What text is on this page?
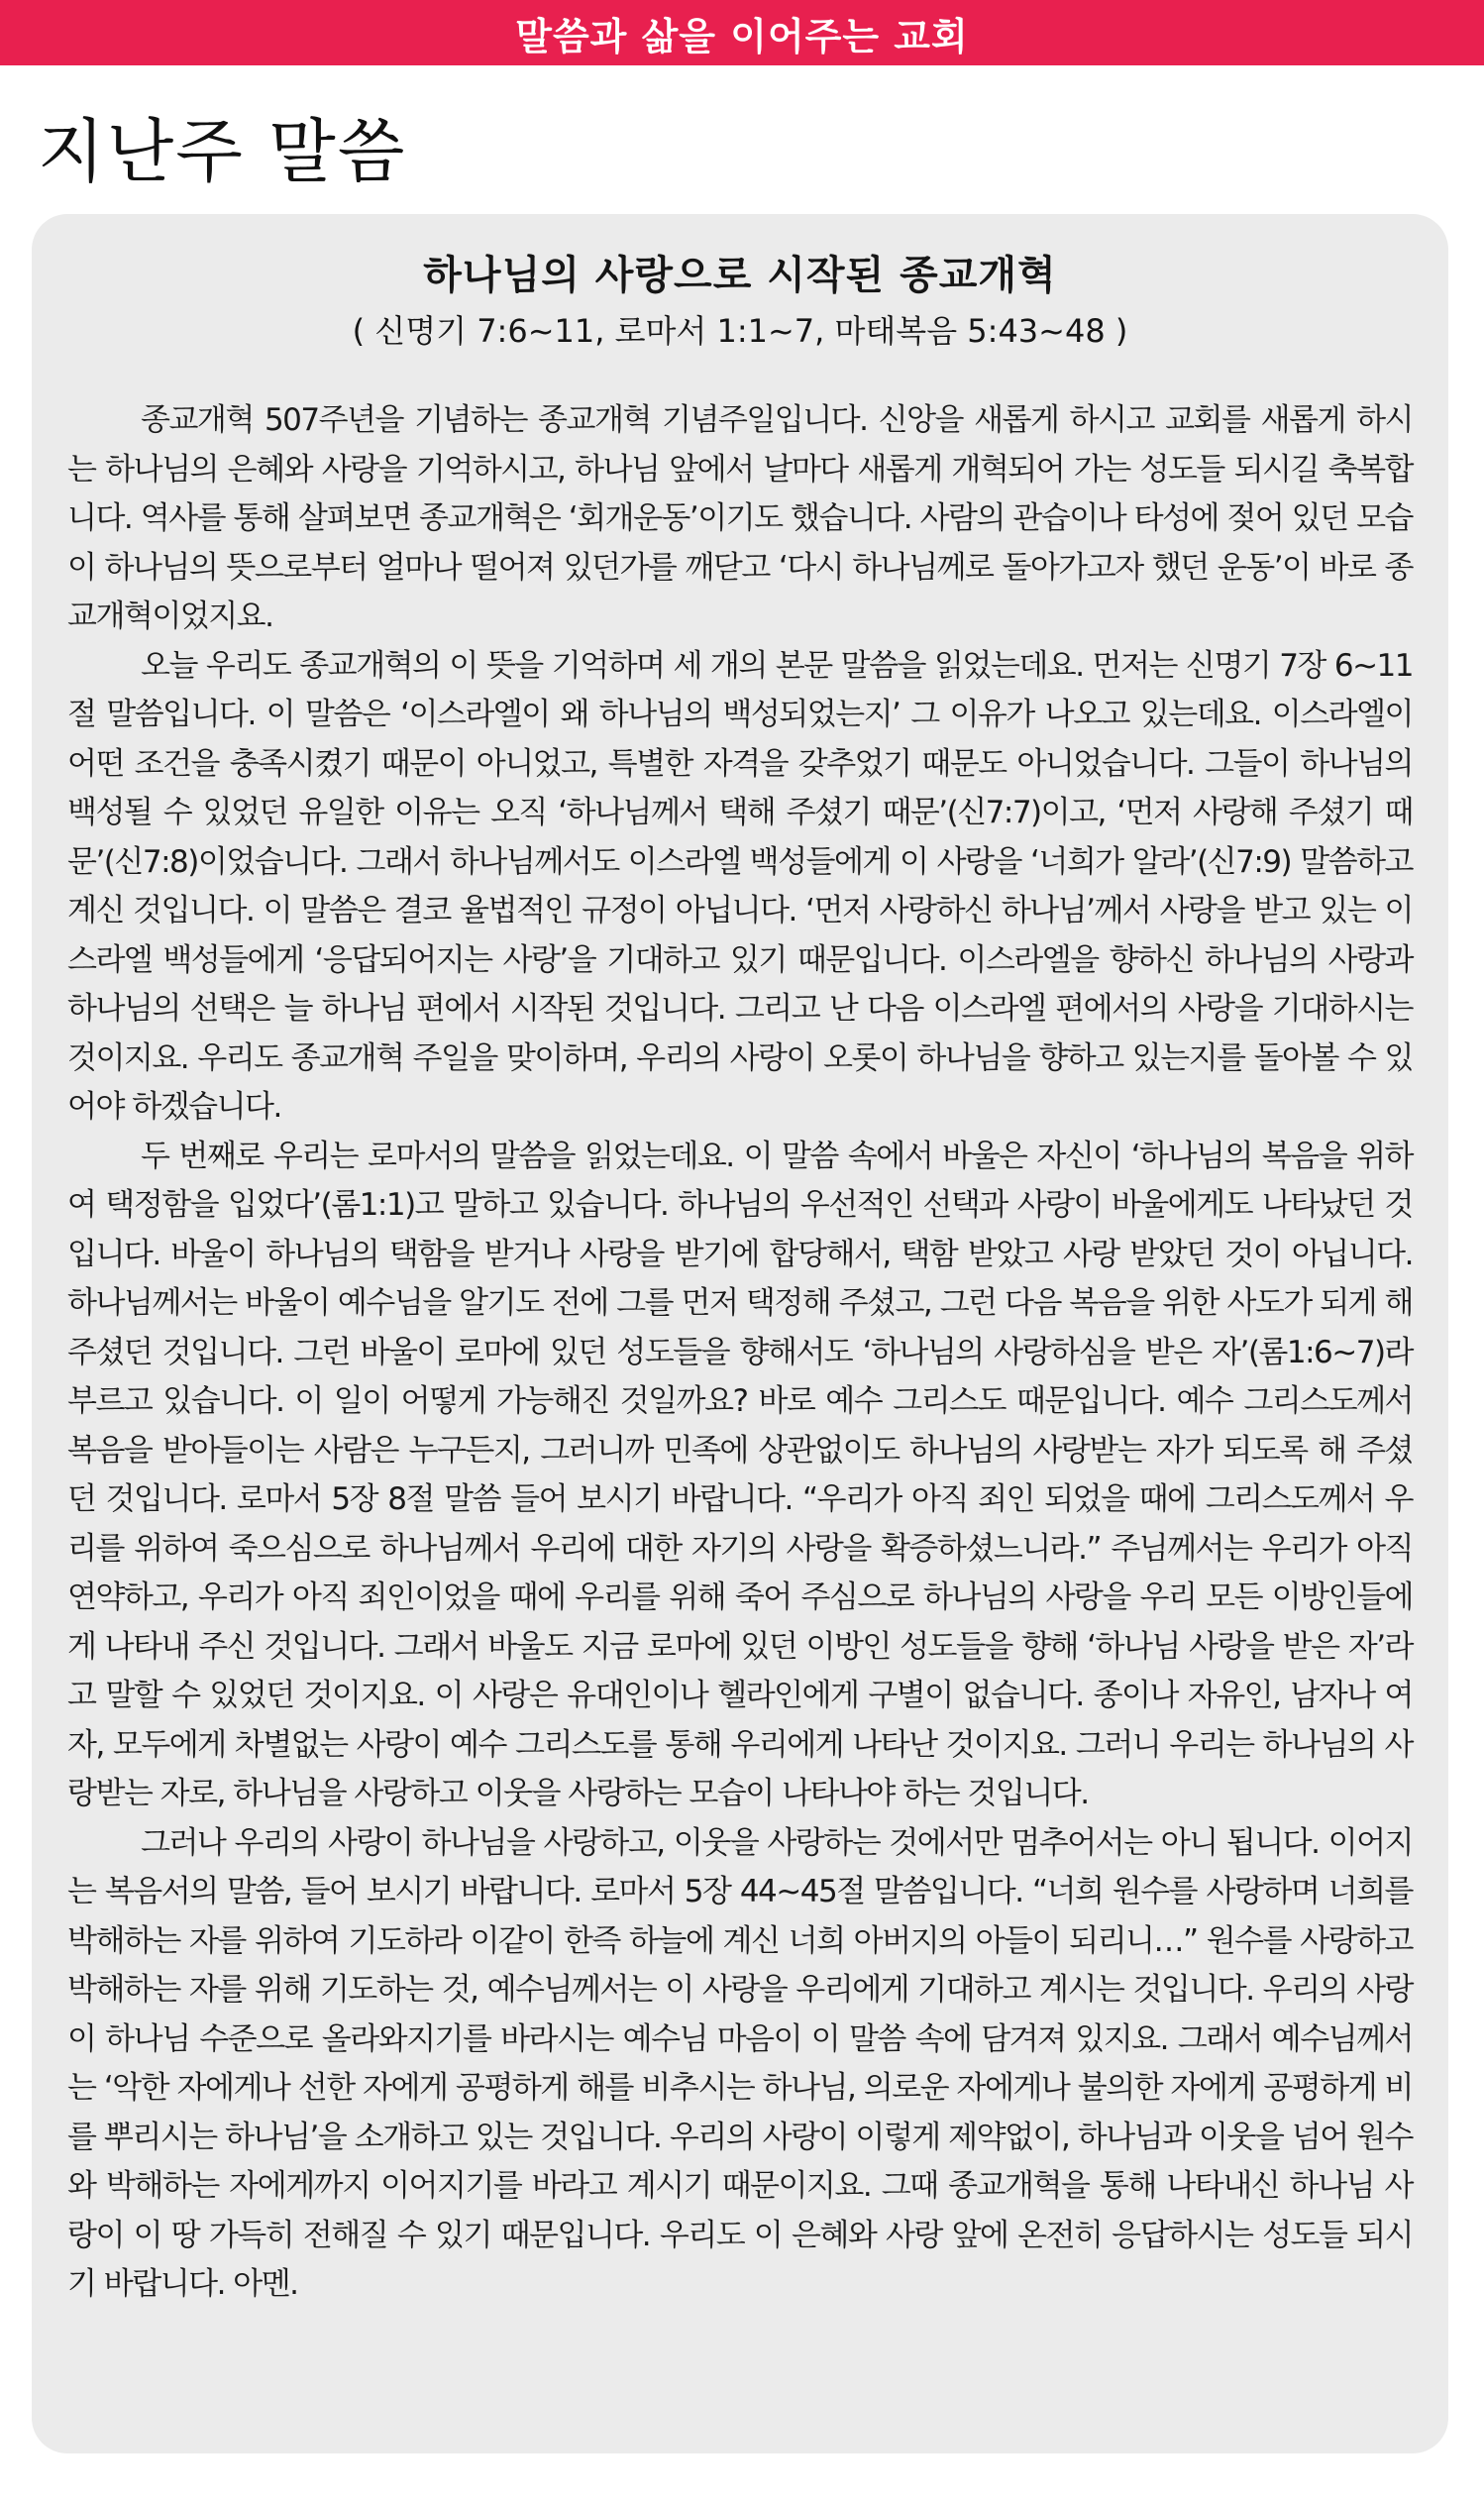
말씀과 삶을 이어주는 교회
지난주 말씀
하나님의 사랑으로 시작된 종교개혁
( 신명기 7:6~11, 로마서 1:1~7, 마태복음 5:43~48 )

종교개혁 507주년을 기념하는 종교개혁 기념주일입니다. 신앙을 새롭게 하시고 교회를 새롭게 하시는 하나님의 은혜와 사랑을 기억하시고, 하나님 앞에서 날마다 새롭게 개혁되어 가는 성도들 되시길 축복합니다. 역사를 통해 살펴보면 종교개혁은 ‘회개운동’이기도 했습니다. 사람의 관습이나 타성에 젖어 있던 모습이 하나님의 뜻으로부터 얼마나 떨어져 있던가를 깨닫고 ‘다시 하나님께로 돌아가고자 했던 운동’이 바로 종교개혁이었지요.

오늘 우리도 종교개혁의 이 뜻을 기억하며 세 개의 본문 말씀을 읽었는데요. 먼저는 신명기 7장 6~11절 말씀입니다. 이 말씀은 ‘이스라엘이 왜 하나님의 백성되었는지’ 그 이유가 나오고 있는데요. 이스라엘이 어떤 조건을 충족시켰기 때문이 아니었고, 특별한 자격을 갖추었기 때문도 아니었습니다. 그들이 하나님의 백성될 수 있었던 유일한 이유는 오직 ‘하나님께서 택해 주셨기 때문’(신7:7)이고, ‘먼저 사랑해 주셨기 때문’(신7:8)이었습니다. 그래서 하나님께서도 이스라엘 백성들에게 이 사랑을 ‘너희가 알라’(신7:9) 말씀하고 계신 것입니다. 이 말씀은 결코 율법적인 규정이 아닙니다. ‘먼저 사랑하신 하나님’께서 사랑을 받고 있는 이스라엘 백성들에게 ‘응답되어지는 사랑’을 기대하고 있기 때문입니다. 이스라엘을 향하신 하나님의 사랑과 하나님의 선택은 늘 하나님 편에서 시작된 것입니다. 그리고 난 다음 이스라엘 편에서의 사랑을 기대하시는 것이지요. 우리도 종교개혁 주일을 맞이하며, 우리의 사랑이 오롯이 하나님을 향하고 있는지를 돌아볼 수 있어야 하겠습니다.

두 번째로 우리는 로마서의 말씀을 읽었는데요. 이 말씀 속에서 바울은 자신이 ‘하나님의 복음을 위하여 택정함을 입었다’(롬1:1)고 말하고 있습니다. 하나님의 우선적인 선택과 사랑이 바울에게도 나타났던 것입니다. 바울이 하나님의 택함을 받거나 사랑을 받기에 합당해서, 택함 받았고 사랑 받았던 것이 아닙니다. 하나님께서는 바울이 예수님을 알기도 전에 그를 먼저 택정해 주셨고, 그런 다음 복음을 위한 사도가 되게 해 주셨던 것입니다. 그런 바울이 로마에 있던 성도들을 향해서도 ‘하나님의 사랑하심을 받은 자’(롬1:6~7)라 부르고 있습니다. 이 일이 어떻게 가능해진 것일까요? 바로 예수 그리스도 때문입니다. 예수 그리스도께서 복음을 받아들이는 사람은 누구든지, 그러니까 민족에 상관없이도 하나님의 사랑받는 자가 되도록 해 주셨던 것입니다. 로마서 5장 8절 말씀 들어 보시기 바랍니다. “우리가 아직 죄인 되었을 때에 그리스도께서 우리를 위하여 죽으심으로 하나님께서 우리에 대한 자기의 사랑을 확증하셨느니라.” 주님께서는 우리가 아직 연약하고, 우리가 아직 죄인이었을 때에 우리를 위해 죽어 주심으로 하나님의 사랑을 우리 모든 이방인들에게 나타내 주신 것입니다. 그래서 바울도 지금 로마에 있던 이방인 성도들을 향해 ‘하나님 사랑을 받은 자’라고 말할 수 있었던 것이지요. 이 사랑은 유대인이나 헬라인에게 구별이 없습니다. 종이나 자유인, 남자나 여자, 모두에게 차별없는 사랑이 예수 그리스도를 통해 우리에게 나타난 것이지요. 그러니 우리는 하나님의 사랑받는 자로, 하나님을 사랑하고 이웃을 사랑하는 모습이 나타나야 하는 것입니다.

그러나 우리의 사랑이 하나님을 사랑하고, 이웃을 사랑하는 것에서만 멈추어서는 아니 됩니다. 이어지는 복음서의 말씀, 들어 보시기 바랍니다. 로마서 5장 44~45절 말씀입니다. “너희 원수를 사랑하며 너희를 박해하는 자를 위하여 기도하라 이같이 한즉 하늘에 계신 너희 아버지의 아들이 되리니…” 원수를 사랑하고 박해하는 자를 위해 기도하는 것, 예수님께서는 이 사랑을 우리에게 기대하고 계시는 것입니다. 우리의 사랑이 하나님 수준으로 올라와지기를 바라시는 예수님 마음이 이 말씀 속에 담겨져 있지요. 그래서 예수님께서는 ‘악한 자에게나 선한 자에게 공평하게 해를 비추시는 하나님, 의로운 자에게나 불의한 자에게 공평하게 비를 뿌리시는 하나님’을 소개하고 있는 것입니다. 우리의 사랑이 이렇게 제약없이, 하나님과 이웃을 넘어 원수와 박해하는 자에게까지 이어지기를 바라고 계시기 때문이지요. 그때 종교개혁을 통해 나타내신 하나님 사랑이 이 땅 가득히 전해질 수 있기 때문입니다. 우리도 이 은혜와 사랑 앞에 온전히 응답하시는 성도들 되시기 바랍니다. 아멘.
